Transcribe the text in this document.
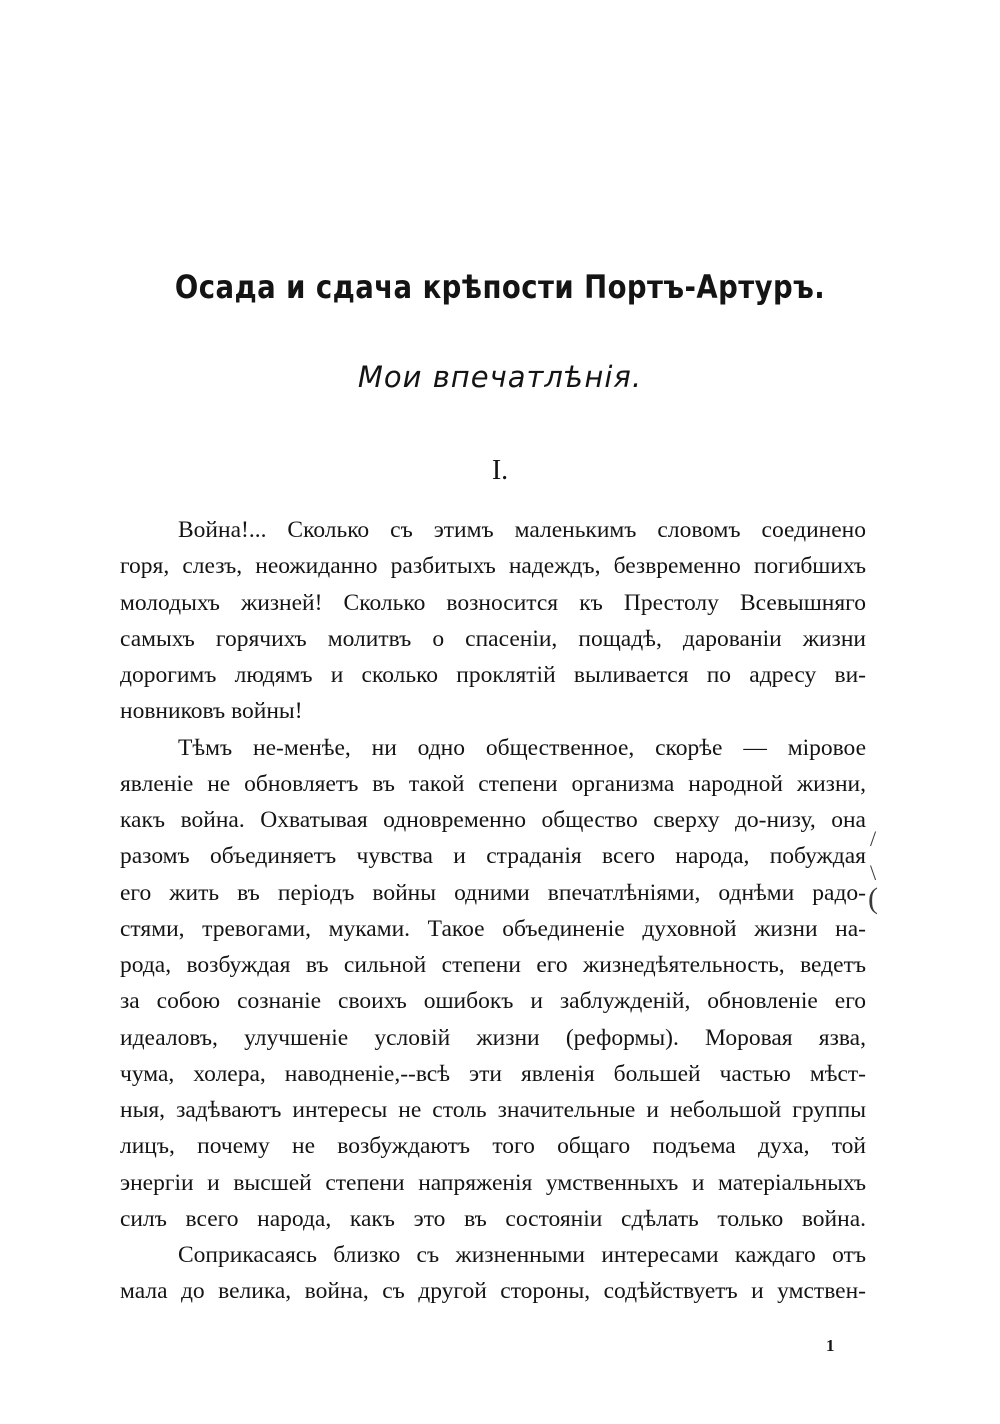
Осада и сдача крѣпости Портъ-Артуръ.
Мои впечатлѣнія.
I.
Война!... Сколько съ этимъ маленькимъ словомъ соединено
горя, слезъ, неожиданно разбитыхъ надеждъ, безвременно погибшихъ
молодыхъ жизней! Сколько возносится къ Престолу Всевышняго
самыхъ горячихъ молитвъ о спасеніи, пощадѣ, дарованіи жизни
дорогимъ людямъ и сколько проклятій выливается по адресу ви-
новниковъ войны!
Тѣмъ не-менѣе, ни одно общественное, скорѣе — міровое
явленіе не обновляетъ въ такой степени организма народной жизни,
какъ война. Охватывая одновременно общество сверху до-низу, она
разомъ объединяетъ чувства и страданія всего народа, побуждая
его жить въ періодъ войны одними впечатлѣніями, однѣми радо-
стями, тревогами, муками. Такое объединеніе духовной жизни на-
рода, возбуждая въ сильной степени его жизнедѣятельность, ведетъ
за собою сознаніе своихъ ошибокъ и заблужденій, обновленіе его
идеаловъ, улучшеніе условій жизни (реформы). Моровая язва,
чума, холера, наводненіе,--всѣ эти явленія большей частью мѣст-
ныя, задѣваютъ интересы не столь значительные и небольшой группы
лицъ, почему не возбуждаютъ того общаго подъема духа, той
энергіи и высшей степени напряженія умственныхъ и матеріальныхъ
силъ всего народа, какъ это въ состояніи сдѣлать только война.
Соприкасаясь близко съ жизненными интересами каждаго отъ
мала до велика, война, съ другой стороны, содѣйствуетъ и умствен-
/
\
(
1
